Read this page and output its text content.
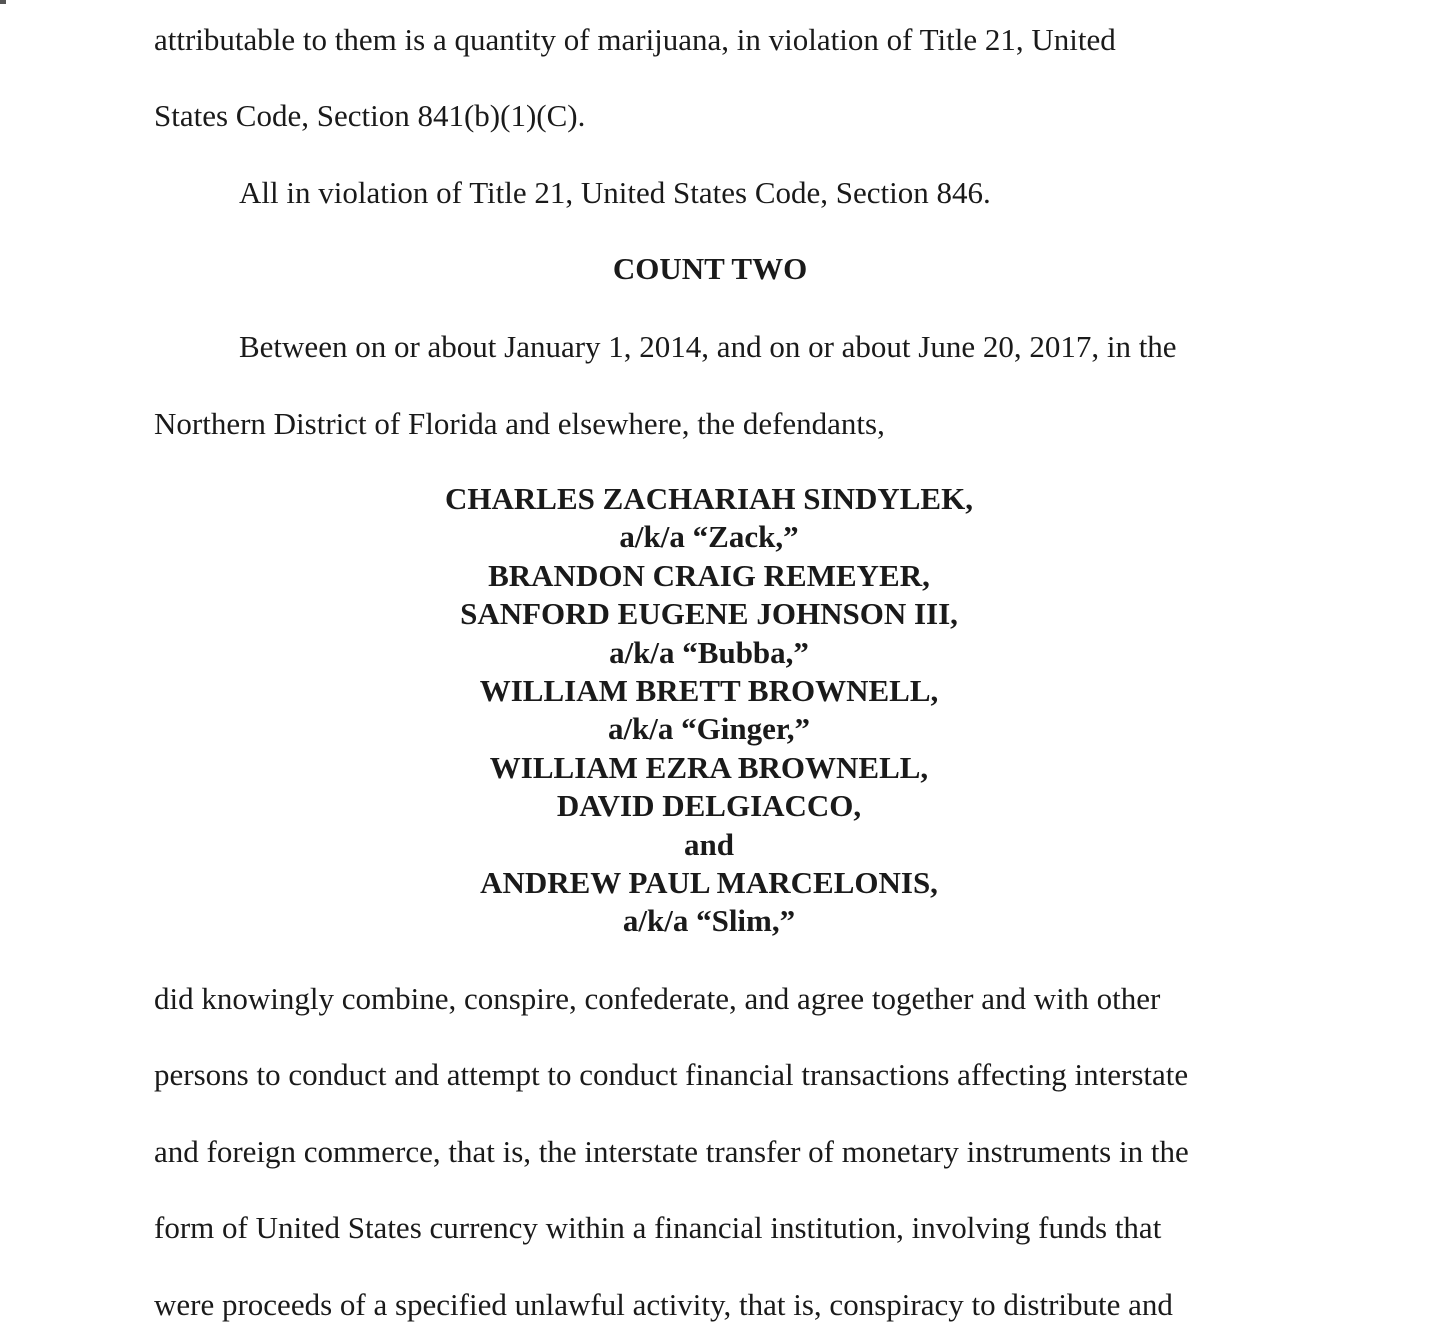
attributable to them is a quantity of marijuana, in violation of Title 21, United
States Code, Section 841(b)(1)(C).
All in violation of Title 21, United States Code, Section 846.
COUNT TWO
Between on or about January 1, 2014, and on or about June 20, 2017, in the
Northern District of Florida and elsewhere, the defendants,
CHARLES ZACHARIAH SINDYLEK,
a/k/a “Zack,”
BRANDON CRAIG REMEYER,
SANFORD EUGENE JOHNSON III,
a/k/a “Bubba,”
WILLIAM BRETT BROWNELL,
a/k/a “Ginger,”
WILLIAM EZRA BROWNELL,
DAVID DELGIACCO,
and
ANDREW PAUL MARCELONIS,
a/k/a “Slim,”
did knowingly combine, conspire, confederate, and agree together and with other
persons to conduct and attempt to conduct financial transactions affecting interstate
and foreign commerce, that is, the interstate transfer of monetary instruments in the
form of United States currency within a financial institution, involving funds that
were proceeds of a specified unlawful activity, that is, conspiracy to distribute and
